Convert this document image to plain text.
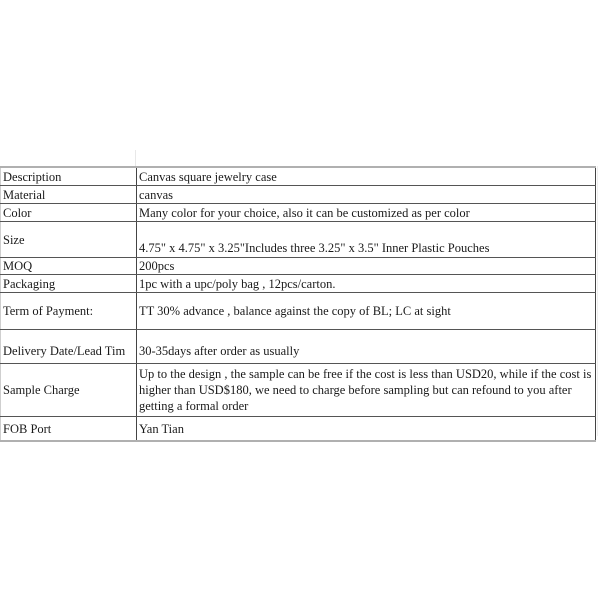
Description	Canvas square jewelry case
Material	canvas
Color	Many color for your choice, also it can be customized as per color
Size	4.75" x 4.75" x 3.25"Includes three 3.25" x 3.5" Inner Plastic Pouches
MOQ	200pcs
Packaging	1pc with a upc/poly bag , 12pcs/carton.
Term of Payment:	TT 30% advance , balance against the copy of BL; LC at sight
Delivery Date/Lead Tim	30-35days after order as usually
Sample Charge	Up to the design , the sample can be free if the cost is less than USD20, while if the cost is higher than USD$180, we need to charge before sampling but can refound to you after getting a formal order
FOB Port	Yan Tian
